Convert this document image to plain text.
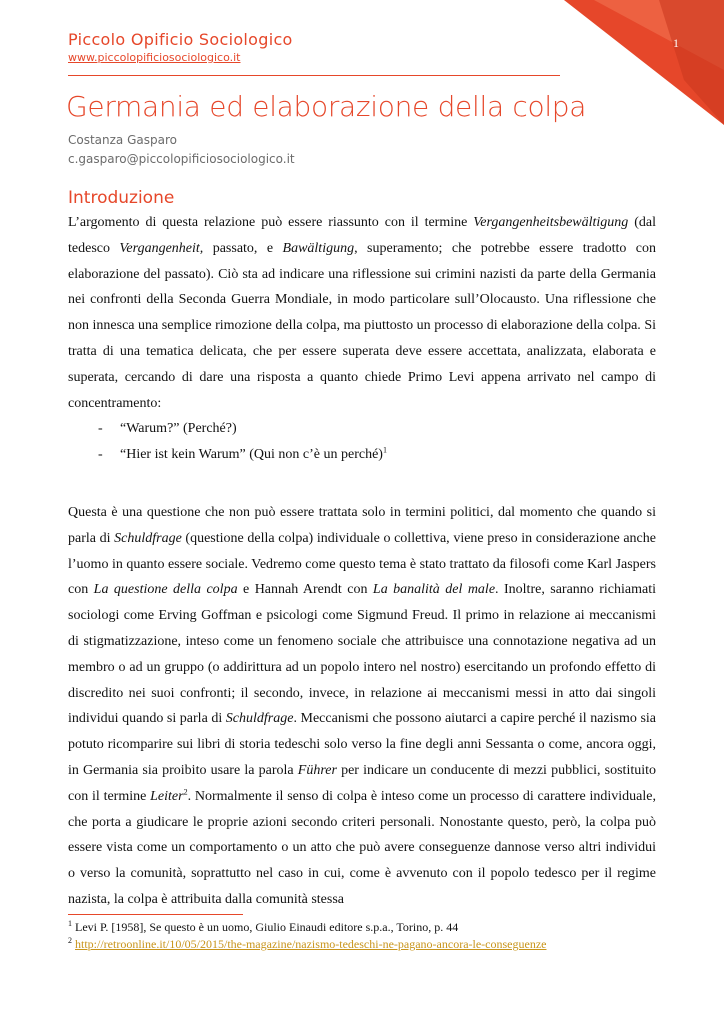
Piccolo Opificio Sociologico
www.piccolopificiosociologico.it
1
Germania ed elaborazione della colpa
Costanza Gasparo
c.gasparo@piccolopificiosociologico.it
Introduzione

L’argomento di questa relazione può essere riassunto con il termine Vergangenheitsbewältigung (dal tedesco Vergangenheit, passato, e Bawältigung, superamento; che potrebbe essere tradotto con elaborazione del passato). Ciò sta ad indicare una riflessione sui crimini nazisti da parte della Germania nei confronti della Seconda Guerra Mondiale, in modo particolare sull’Olocausto. Una riflessione che non innesca una semplice rimozione della colpa, ma piuttosto un processo di elaborazione della colpa. Si tratta di una tematica delicata, che per essere superata deve essere accettata, analizzata, elaborata e superata, cercando di dare una risposta a quanto chiede Primo Levi appena arrivato nel campo di concentramento:

- “Warum?” (Perché?)
- “Hier ist kein Warum” (Qui non c’è un perché)$^1$

Questa è una questione che non può essere trattata solo in termini politici, dal momento che quando si parla di Schuldfrage (questione della colpa) individuale o collettiva, viene preso in considerazione anche l’uomo in quanto essere sociale. Vedremo come questo tema è stato trattato da filosofi come Karl Jaspers con La questione della colpa e Hannah Arendt con La banalità del male. Inoltre, saranno richiamati sociologi come Erving Goffman e psicologi come Sigmund Freud. Il primo in relazione ai meccanismi di stigmatizzazione, inteso come un fenomeno sociale che attribuisce una connotazione negativa ad un membro o ad un gruppo (o addirittura ad un popolo intero nel nostro) esercitando un profondo effetto di discredito nei suoi confronti; il secondo, invece, in relazione ai meccanismi messi in atto dai singoli individui quando si parla di Schuldfrage. Meccanismi che possono aiutarci a capire perché il nazismo sia potuto ricomparire sui libri di storia tedeschi solo verso la fine degli anni Sessanta o come, ancora oggi, in Germania sia proibito usare la parola Führer per indicare un conducente di mezzi pubblici, sostituito con il termine Leiter$^2$. Normalmente il senso di colpa è inteso come un processo di carattere individuale, che porta a giudicare le proprie azioni secondo criteri personali. Nonostante questo, però, la colpa può essere vista come un comportamento o un atto che può avere conseguenze dannose verso altri individui o verso la comunità, soprattutto nel caso in cui, come è avvenuto con il popolo tedesco per il regime nazista, la colpa è attribuita dalla comunità stessa

$^1$ Levi P. [1958], Se questo è un uomo, Giulio Einaudi editore s.p.a., Torino, p. 44
$^2$ http://retroonline.it/10/05/2015/the-magazine/nazismo-tedeschi-ne-pagano-ancora-le-conseguenze
